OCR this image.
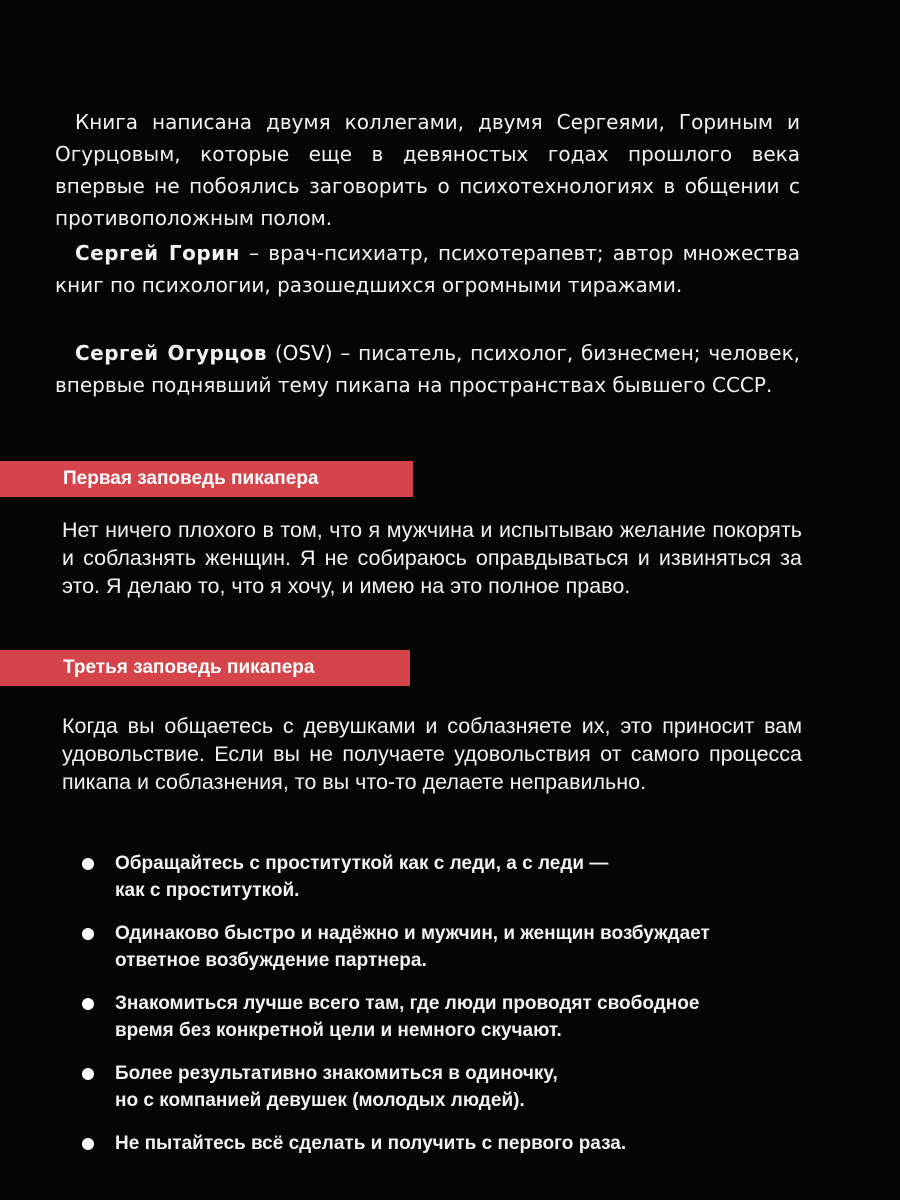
Книга написана двумя коллегами, двумя Сергеями, Гориным и Огурцовым, которые еще в девяностых годах прошлого века впервые не побоялись заговорить о психотехнологиях в общении с противоположным полом.

Сергей Горин – врач-психиатр, психотерапевт; автор множества книг по психологии, разошедшихся огромными тиражами.

Сергей Огурцов (OSV) – писатель, психолог, бизнесмен; человек, впервые поднявший тему пикапа на пространствах бывшего СССР.

Первая заповедь пикапера

Нет ничего плохого в том, что я мужчина и испытываю желание покорять и соблазнять женщин. Я не собираюсь оправдываться и извиняться за это. Я делаю то, что я хочу, и имею на это полное право.

Третья заповедь пикапера

Когда вы общаетесь с девушками и соблазняете их, это приносит вам удовольствие. Если вы не получаете удовольствия от самого процесса пикапа и соблазнения, то вы что-то делаете неправильно.

Обращайтесь с проституткой как с леди, а с леди —
как с проституткой.
Одинаково быстро и надёжно и мужчин, и женщин возбуждает
ответное возбуждение партнера.
Знакомиться лучше всего там, где люди проводят свободное
время без конкретной цели и немного скучают.
Более результативно знакомиться в одиночку,
но с компанией девушек (молодых людей).
Не пытайтесь всё сделать и получить с первого раза.
